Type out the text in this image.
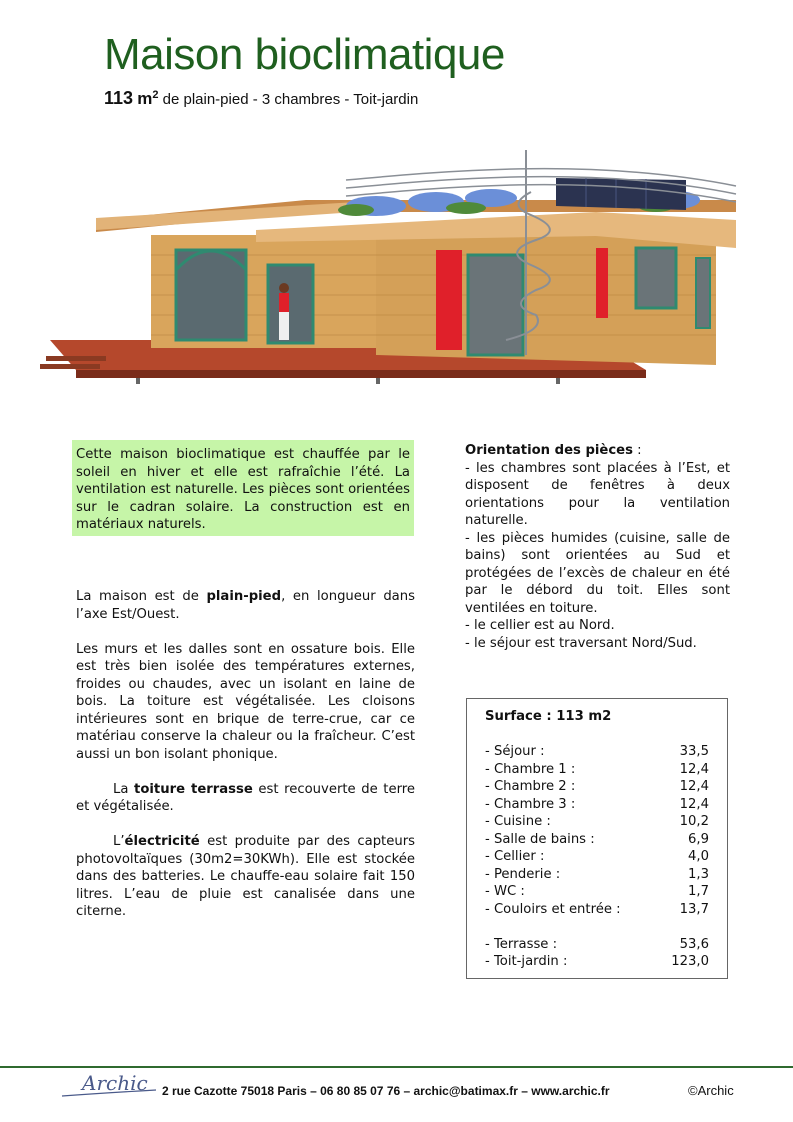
Maison bioclimatique
113 $m^2$ de plain-pied - 3 chambres - Toit-jardin
Cette maison bioclimatique est chauffée par le soleil en hiver et elle est rafraîchie l’été. La ventilation est naturelle. Les pièces sont orientées sur le cadran solaire. La construction est en matériaux naturels.

La maison est de plain-pied, en longueur dans l’axe Est/Ouest.

Les murs et les dalles sont en ossature bois. Elle est très bien isolée des températures externes, froides ou chaudes, avec un isolant en laine de bois. La toiture est végétalisée. Les cloisons intérieures sont en brique de terre-crue, car ce matériau conserve la chaleur ou la fraîcheur. C’est aussi un bon isolant phonique.

La toiture terrasse est recouverte de terre et végétalisée.

L’électricité est produite par des capteurs photovoltaïques (30m2=30KWh). Elle est stockée dans des batteries. Le chauffe-eau solaire fait 150 litres. L’eau de pluie est canalisée dans une citerne.

Orientation des pièces :

- les chambres sont placées à l’Est, et disposent de fenêtres à deux orientations pour la ventilation naturelle.

- les pièces humides (cuisine, salle de bains) sont orientées au Sud et protégées de l’excès de chaleur en été par le débord du toit. Elles sont ventilées en toiture.

- le cellier est au Nord.

- le séjour est traversant Nord/Sud.

Surface : 113 m2
- Séjour :	33,5
- Chambre 1 :	12,4
- Chambre 2 :	12,4
- Chambre 3 :	12,4
- Cuisine :	10,2
- Salle de bains :	6,9
- Cellier :	4,0
- Penderie :	1,3
- WC :	1,7
- Couloirs et entrée :	13,7
- Terrasse :	53,6
- Toit-jardin :	123,0
Archic 2 rue Cazotte 75018 Paris – 06 80 85 07 76 – archic@batimax.fr – www.archic.fr	©Archic
